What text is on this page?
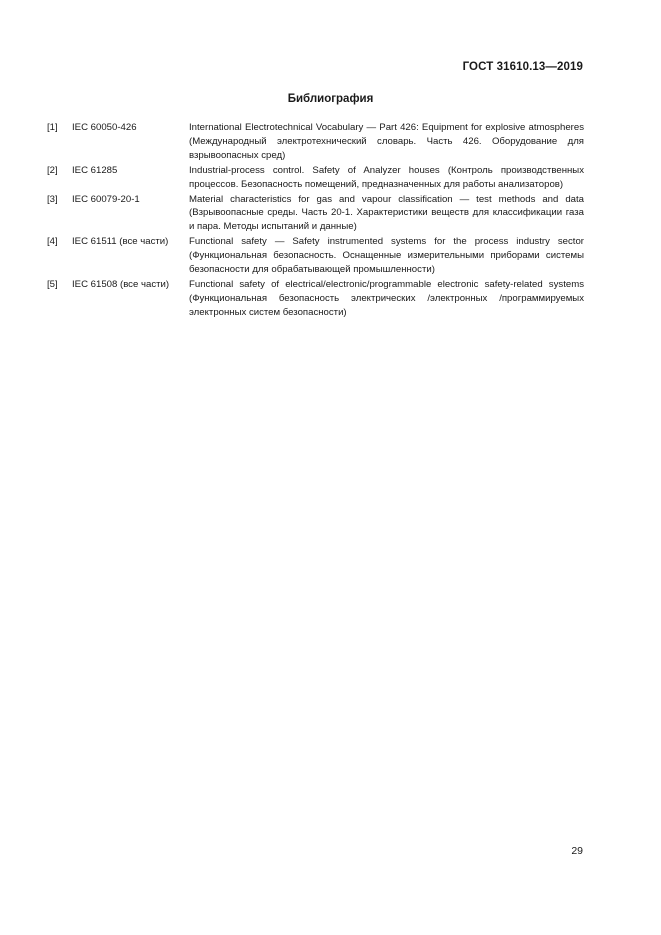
ГОСТ 31610.13—2019
Библиография
[1]	IEC 60050-426	International Electrotechnical Vocabulary — Part 426: Equipment for explosive atmospheres (Международный электротехнический словарь. Часть 426. Оборудование для взрывоопасных сред)
[2]	IEC 61285	Industrial-process control. Safety of Analyzer houses (Контроль производственных процессов. Безопасность помещений, предназначенных для работы анализаторов)
[3]	IEC 60079-20-1	Material characteristics for gas and vapour classification — test methods and data (Взрывоопасные среды. Часть 20-1. Характеристики веществ для классификации газа и пара. Методы испытаний и данные)
[4]	IEC 61511 (все части)	Functional safety — Safety instrumented systems for the process industry sector (Функциональная безопасность. Оснащенные измерительными приборами системы безопасности для обрабатывающей промышленности)
[5]	IEC 61508 (все части)	Functional safety of electrical/electronic/programmable electronic safety-related systems (Функциональная безопасность электрических /электронных /программируемых электронных систем безопасности)
29
